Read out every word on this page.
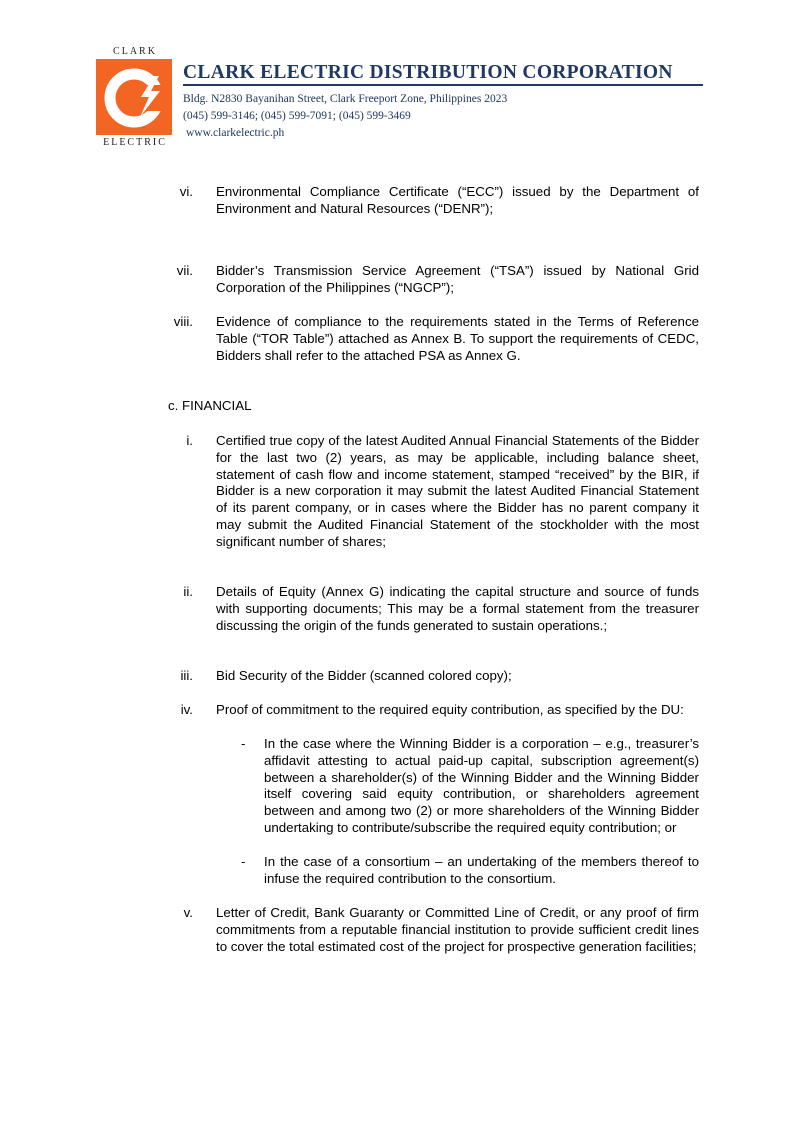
CLARK
ELECTRIC
CLARK ELECTRIC DISTRIBUTION CORPORATION
Bldg. N2830 Bayanihan Street, Clark Freeport Zone, Philippines 2023
(045) 599-3146; (045) 599-7091; (045) 599-3469
www.clarkelectric.ph
vi. Environmental Compliance Certificate (“ECC”) issued by the Department of Environment and Natural Resources (“DENR”);
vii. Bidder’s Transmission Service Agreement (“TSA”) issued by National Grid Corporation of the Philippines (“NGCP”);
viii. Evidence of compliance to the requirements stated in the Terms of Reference Table (“TOR Table”) attached as Annex B. To support the requirements of CEDC, Bidders shall refer to the attached PSA as Annex G.
c. FINANCIAL
i. Certified true copy of the latest Audited Annual Financial Statements of the Bidder for the last two (2) years, as may be applicable, including balance sheet, statement of cash flow and income statement, stamped “received” by the BIR, if Bidder is a new corporation it may submit the latest Audited Financial Statement of its parent company, or in cases where the Bidder has no parent company it may submit the Audited Financial Statement of the stockholder with the most significant number of shares;
ii. Details of Equity (Annex G) indicating the capital structure and source of funds with supporting documents; This may be a formal statement from the treasurer discussing the origin of the funds generated to sustain operations.;
iii. Bid Security of the Bidder (scanned colored copy);
iv. Proof of commitment to the required equity contribution, as specified by the DU:
- In the case where the Winning Bidder is a corporation – e.g., treasurer’s affidavit attesting to actual paid-up capital, subscription agreement(s) between a shareholder(s) of the Winning Bidder and the Winning Bidder itself covering said equity contribution, or shareholders agreement between and among two (2) or more shareholders of the Winning Bidder undertaking to contribute/subscribe the required equity contribution; or
- In the case of a consortium – an undertaking of the members thereof to infuse the required contribution to the consortium.
v. Letter of Credit, Bank Guaranty or Committed Line of Credit, or any proof of firm commitments from a reputable financial institution to provide sufficient credit lines to cover the total estimated cost of the project for prospective generation facilities;
